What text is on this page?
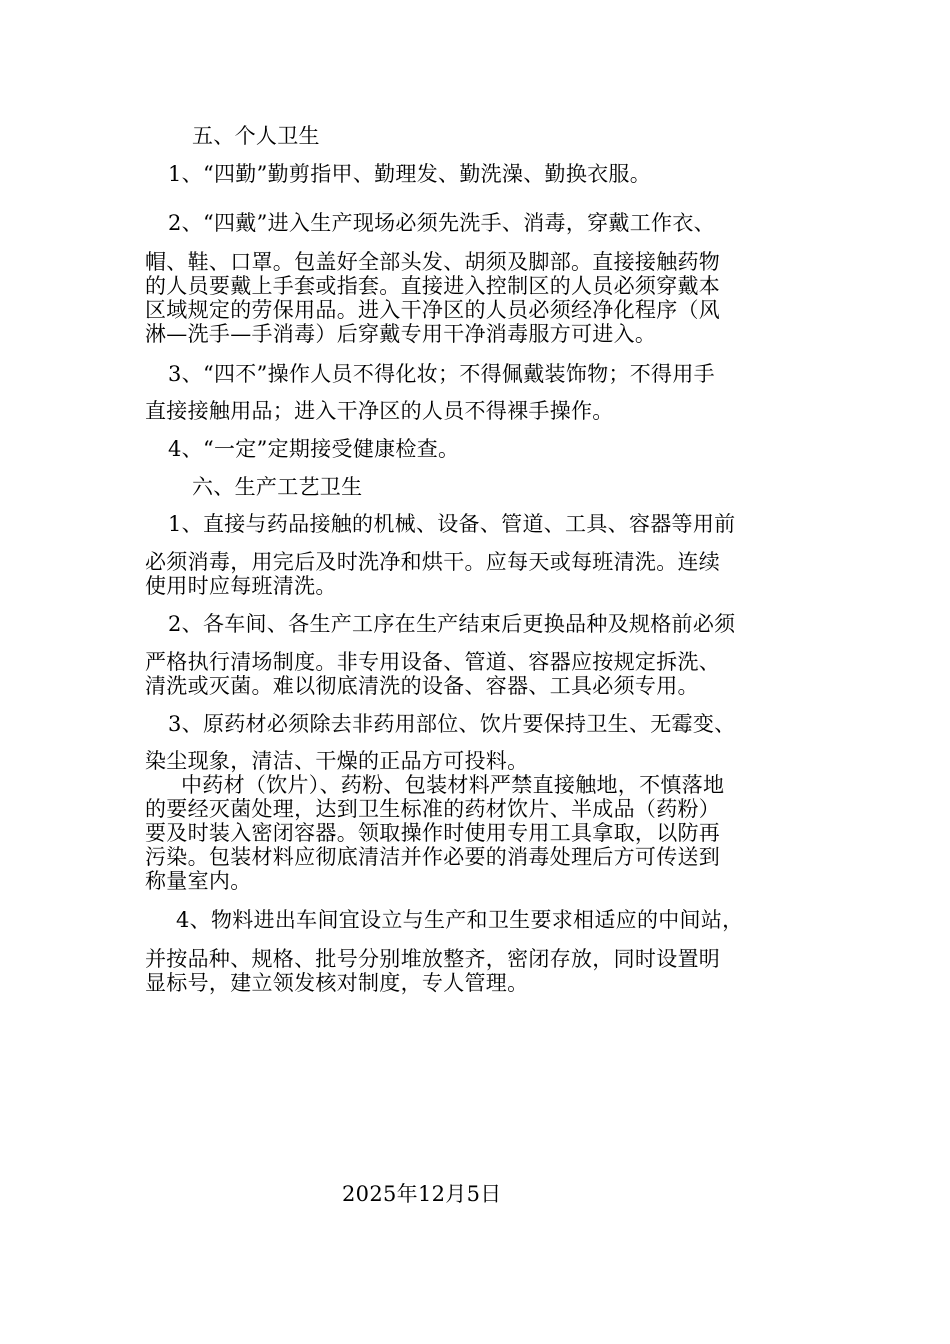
五、个人卫生
1、“四勤”勤剪指甲、勤理发、勤洗澡、勤换衣服。
2、“四戴”进入生产现场必须先洗手、消毒，穿戴工作衣、
帽、鞋、口罩。包盖好全部头发、胡须及脚部。直接接触药物
的人员要戴上手套或指套。直接进入控制区的人员必须穿戴本
区域规定的劳保用品。进入干净区的人员必须经净化程序（风
淋—洗手—手消毒）后穿戴专用干净消毒服方可进入。
3、“四不”操作人员不得化妆；不得佩戴装饰物；不得用手
直接接触用品；进入干净区的人员不得裸手操作。
4、“一定”定期接受健康检查。
六、生产工艺卫生
1、直接与药品接触的机械、设备、管道、工具、容器等用前
必须消毒，用完后及时洗净和烘干。应每天或每班清洗。连续
使用时应每班清洗。
2、各车间、各生产工序在生产结束后更换品种及规格前必须
严格执行清场制度。非专用设备、管道、容器应按规定拆洗、
清洗或灭菌。难以彻底清洗的设备、容器、工具必须专用。
3、原药材必须除去非药用部位、饮片要保持卫生、无霉变、
染尘现象，清洁、干燥的正品方可投料。
中药材（饮片）、药粉、包装材料严禁直接触地，不慎落地
的要经灭菌处理，达到卫生标准的药材饮片、半成品（药粉）
要及时装入密闭容器。领取操作时使用专用工具拿取，以防再
污染。包装材料应彻底清洁并作必要的消毒处理后方可传送到
称量室内。
4、物料进出车间宜设立与生产和卫生要求相适应的中间站，
并按品种、规格、批号分别堆放整齐，密闭存放，同时设置明
显标号，建立领发核对制度，专人管理。
2025年12月5日
